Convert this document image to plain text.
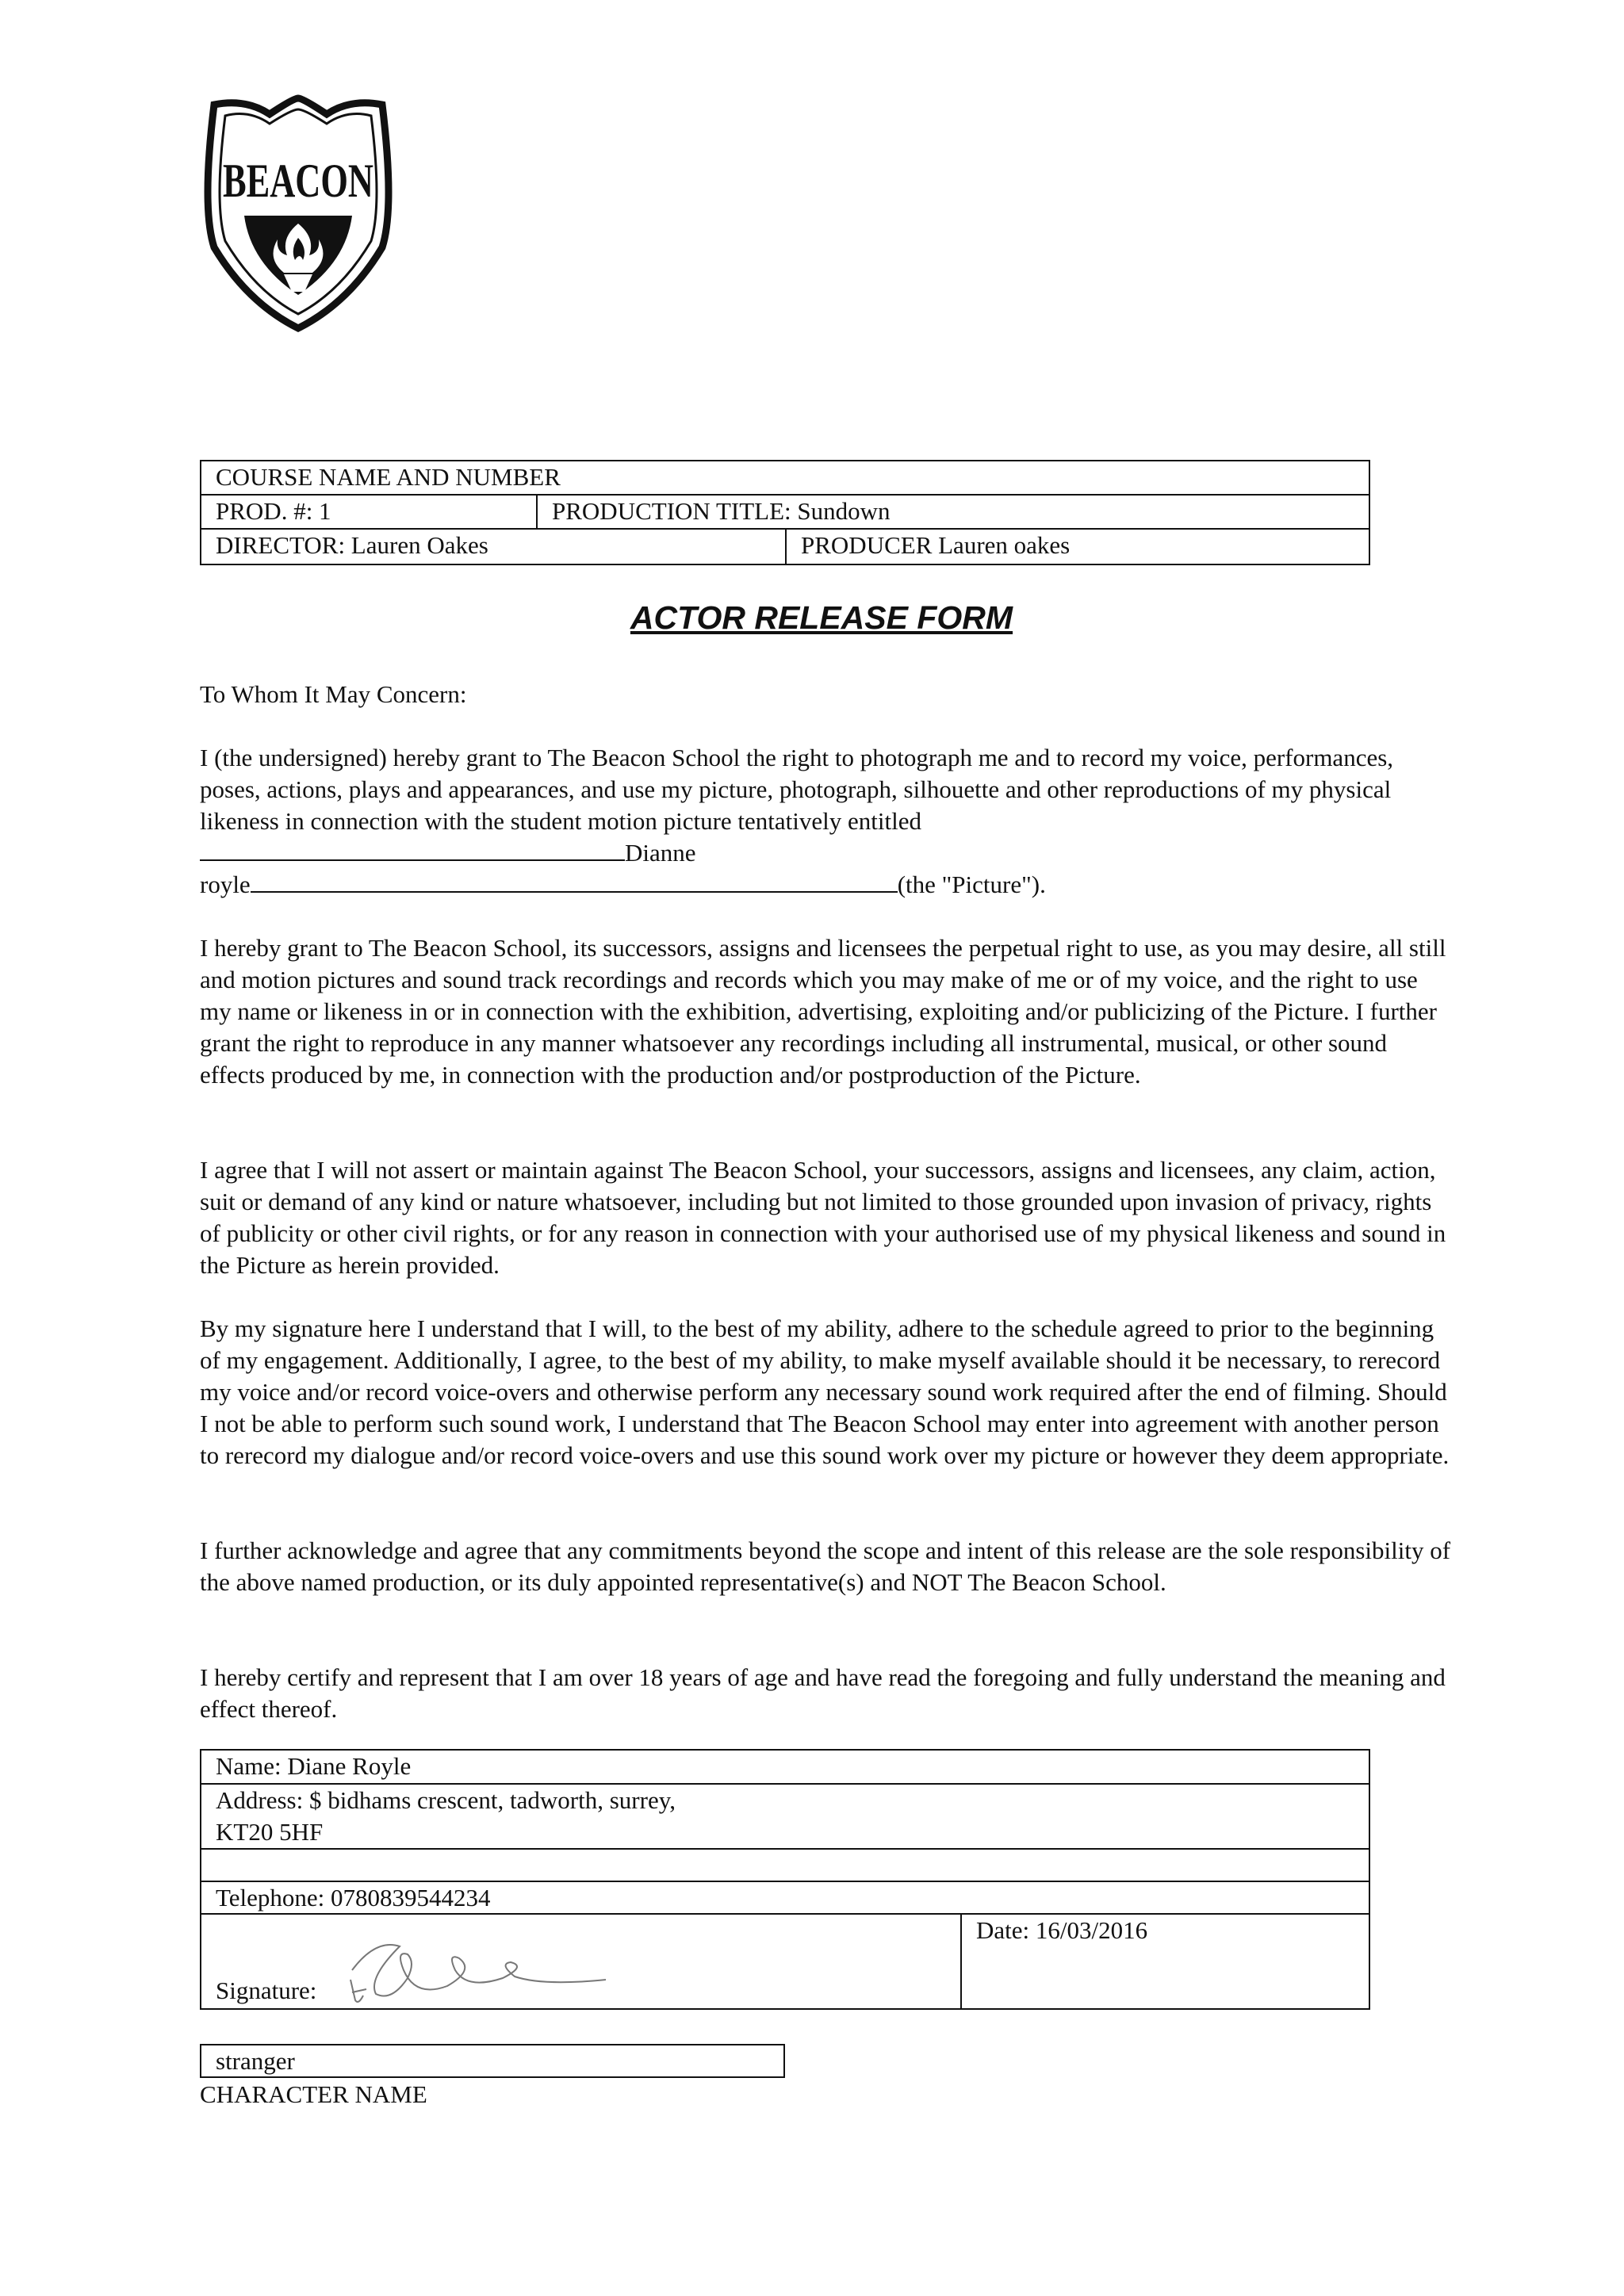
BEACON
COURSE NAME AND NUMBER
PROD. #: 1	PRODUCTION TITLE: Sundown
DIRECTOR: Lauren Oakes	PRODUCER Lauren oakes
ACTOR RELEASE FORM
To Whom It May Concern:

I (the undersigned) hereby grant to The Beacon School the right to photograph me and to record my voice, performances, poses, actions, plays and appearances, and use my picture, photograph, silhouette and other reproductions of my physical likeness in connection with the student motion picture tentatively entitled

Dianne

royle	(the "Picture").

I hereby grant to The Beacon School, its successors, assigns and licensees the perpetual right to use, as you may desire, all still and motion pictures and sound track recordings and records which you may make of me or of my voice, and the right to use my name or likeness in or in connection with the exhibition, advertising, exploiting and/or publicizing of the Picture. I further grant the right to reproduce in any manner whatsoever any recordings including all instrumental, musical, or other sound effects produced by me, in connection with the production and/or postproduction of the Picture.
I agree that I will not assert or maintain against The Beacon School, your successors, assigns and licensees, any claim, action, suit or demand of any kind or nature whatsoever, including but not limited to those grounded upon invasion of privacy, rights of publicity or other civil rights, or for any reason in connection with your authorised use of my physical likeness and sound in the Picture as herein provided.
By my signature here I understand that I will, to the best of my ability, adhere to the schedule agreed to prior to the beginning of my engagement. Additionally, I agree, to the best of my ability, to make myself available should it be necessary, to rerecord my voice and/or record voice-overs and otherwise perform any necessary sound work required after the end of filming. Should I not be able to perform such sound work, I understand that The Beacon School may enter into agreement with another person to rerecord my dialogue and/or record voice-overs and use this sound work over my picture or however they deem appropriate.
I further acknowledge and agree that any commitments beyond the scope and intent of this release are the sole responsibility of the above named production, or its duly appointed representative(s) and NOT The Beacon School.
I hereby certify and represent that I am over 18 years of age and have read the foregoing and fully understand the meaning and effect thereof.
Name: Diane Royle
Address: $ bidhams crescent, tadworth, surrey,
KT20 5HF
Telephone: 0780839544234
Signature:
Date: 16/03/2016
stranger
CHARACTER NAME
